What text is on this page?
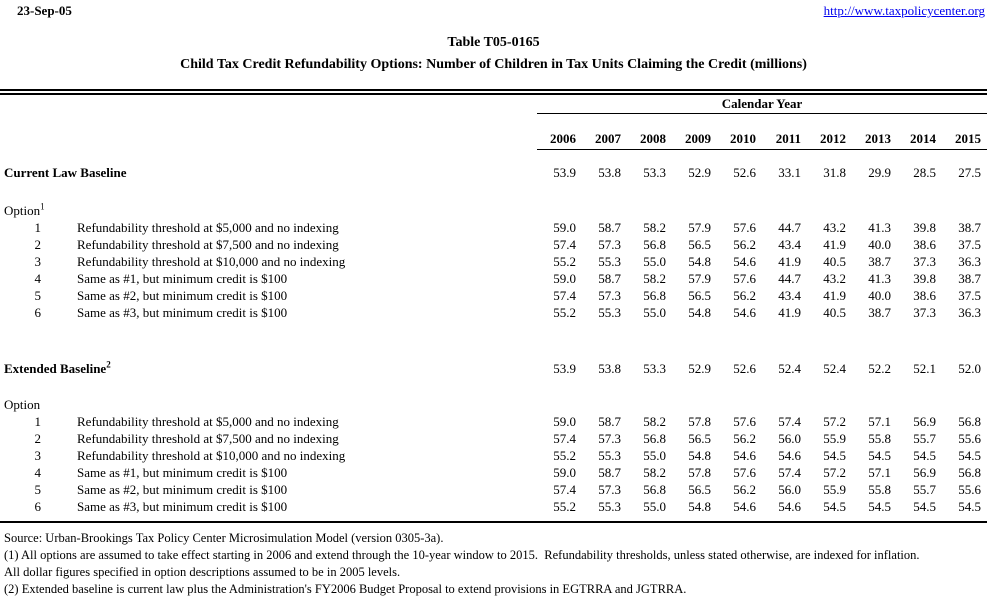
23-Sep-05	http://www.taxpolicycenter.org
Table T05-0165
Child Tax Credit Refundability Options: Number of Children in Tax Units Claiming the Credit (millions)
Calendar Year
2006	2007	2008	2009	2010	2011	2012	2013	2014	2015
Current Law Baseline	53.9	53.8	53.3	52.9	52.6	33.1	31.8	29.9	28.5	27.5
Option$^1$
1	Refundability threshold at $5,000 and no indexing	59.0	58.7	58.2	57.9	57.6	44.7	43.2	41.3	39.8	38.7
2	Refundability threshold at $7,500 and no indexing	57.4	57.3	56.8	56.5	56.2	43.4	41.9	40.0	38.6	37.5
3	Refundability threshold at $10,000 and no indexing	55.2	55.3	55.0	54.8	54.6	41.9	40.5	38.7	37.3	36.3
4	Same as #1, but minimum credit is $100	59.0	58.7	58.2	57.9	57.6	44.7	43.2	41.3	39.8	38.7
5	Same as #2, but minimum credit is $100	57.4	57.3	56.8	56.5	56.2	43.4	41.9	40.0	38.6	37.5
6	Same as #3, but minimum credit is $100	55.2	55.3	55.0	54.8	54.6	41.9	40.5	38.7	37.3	36.3
Extended Baseline$^2$	53.9	53.8	53.3	52.9	52.6	52.4	52.4	52.2	52.1	52.0
Option
1	Refundability threshold at $5,000 and no indexing	59.0	58.7	58.2	57.8	57.6	57.4	57.2	57.1	56.9	56.8
2	Refundability threshold at $7,500 and no indexing	57.4	57.3	56.8	56.5	56.2	56.0	55.9	55.8	55.7	55.6
3	Refundability threshold at $10,000 and no indexing	55.2	55.3	55.0	54.8	54.6	54.6	54.5	54.5	54.5	54.5
4	Same as #1, but minimum credit is $100	59.0	58.7	58.2	57.8	57.6	57.4	57.2	57.1	56.9	56.8
5	Same as #2, but minimum credit is $100	57.4	57.3	56.8	56.5	56.2	56.0	55.9	55.8	55.7	55.6
6	Same as #3, but minimum credit is $100	55.2	55.3	55.0	54.8	54.6	54.6	54.5	54.5	54.5	54.5
Source: Urban-Brookings Tax Policy Center Microsimulation Model (version 0305-3a).
(1) All options are assumed to take effect starting in 2006 and extend through the 10-year window to 2015.  Refundability thresholds, unless stated otherwise, are indexed for inflation.
All dollar figures specified in option descriptions assumed to be in 2005 levels.
(2) Extended baseline is current law plus the Administration's FY2006 Budget Proposal to extend provisions in EGTRRA and JGTRRA.
